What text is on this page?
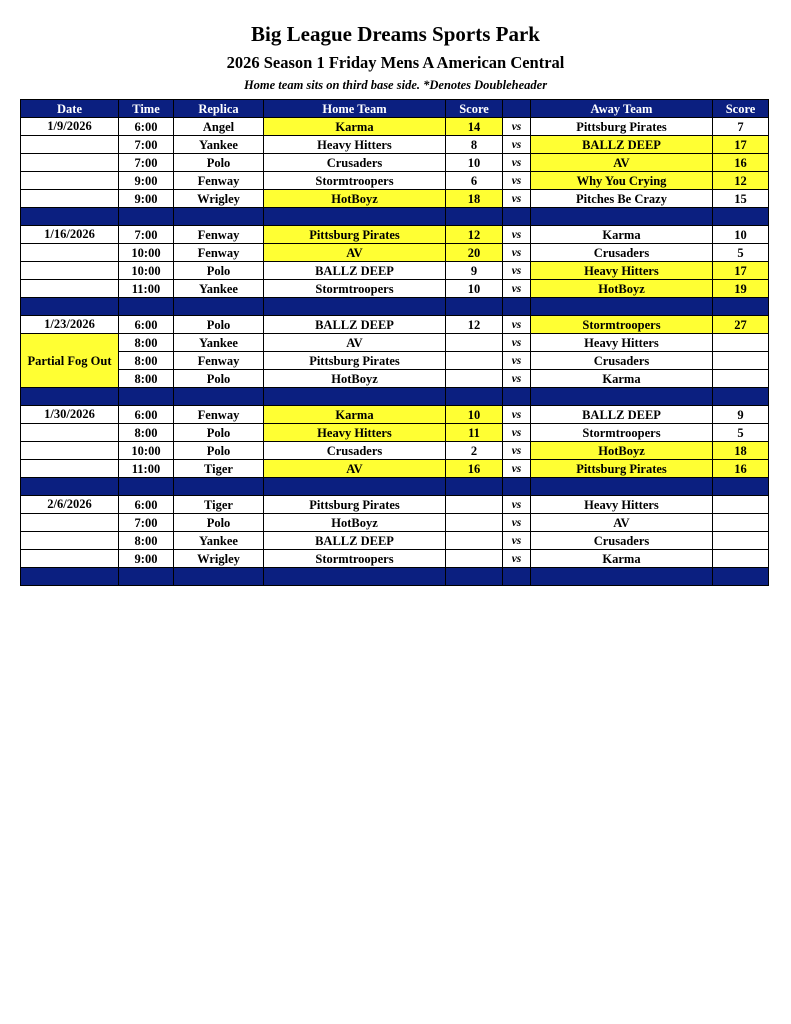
Big League Dreams Sports Park
2026 Season 1 Friday Mens A American Central
Home team sits on third base side. *Denotes Doubleheader
Date	Time	Replica	Home Team	Score		Away Team	Score
1/9/2026	6:00	Angel	Karma	14	vs	Pittsburg Pirates	7
	7:00	Yankee	Heavy Hitters	8	vs	BALLZ DEEP	17
	7:00	Polo	Crusaders	10	vs	AV	16
	9:00	Fenway	Stormtroopers	6	vs	Why You Crying	12
	9:00	Wrigley	HotBoyz	18	vs	Pitches Be Crazy	15

1/16/2026	7:00	Fenway	Pittsburg Pirates	12	vs	Karma	10
	10:00	Fenway	AV	20	vs	Crusaders	5
	10:00	Polo	BALLZ DEEP	9	vs	Heavy Hitters	17
	11:00	Yankee	Stormtroopers	10	vs	HotBoyz	19

1/23/2026	6:00	Polo	BALLZ DEEP	12	vs	Stormtroopers	27
Partial Fog Out	8:00	Yankee	AV		vs	Heavy Hitters	
	8:00	Fenway	Pittsburg Pirates		vs	Crusaders	
	8:00	Polo	HotBoyz		vs	Karma	

1/30/2026	6:00	Fenway	Karma	10	vs	BALLZ DEEP	9
	8:00	Polo	Heavy Hitters	11	vs	Stormtroopers	5
	10:00	Polo	Crusaders	2	vs	HotBoyz	18
	11:00	Tiger	AV	16	vs	Pittsburg Pirates	16

2/6/2026	6:00	Tiger	Pittsburg Pirates		vs	Heavy Hitters	
	7:00	Polo	HotBoyz		vs	AV	
	8:00	Yankee	BALLZ DEEP		vs	Crusaders	
	9:00	Wrigley	Stormtroopers		vs	Karma	
